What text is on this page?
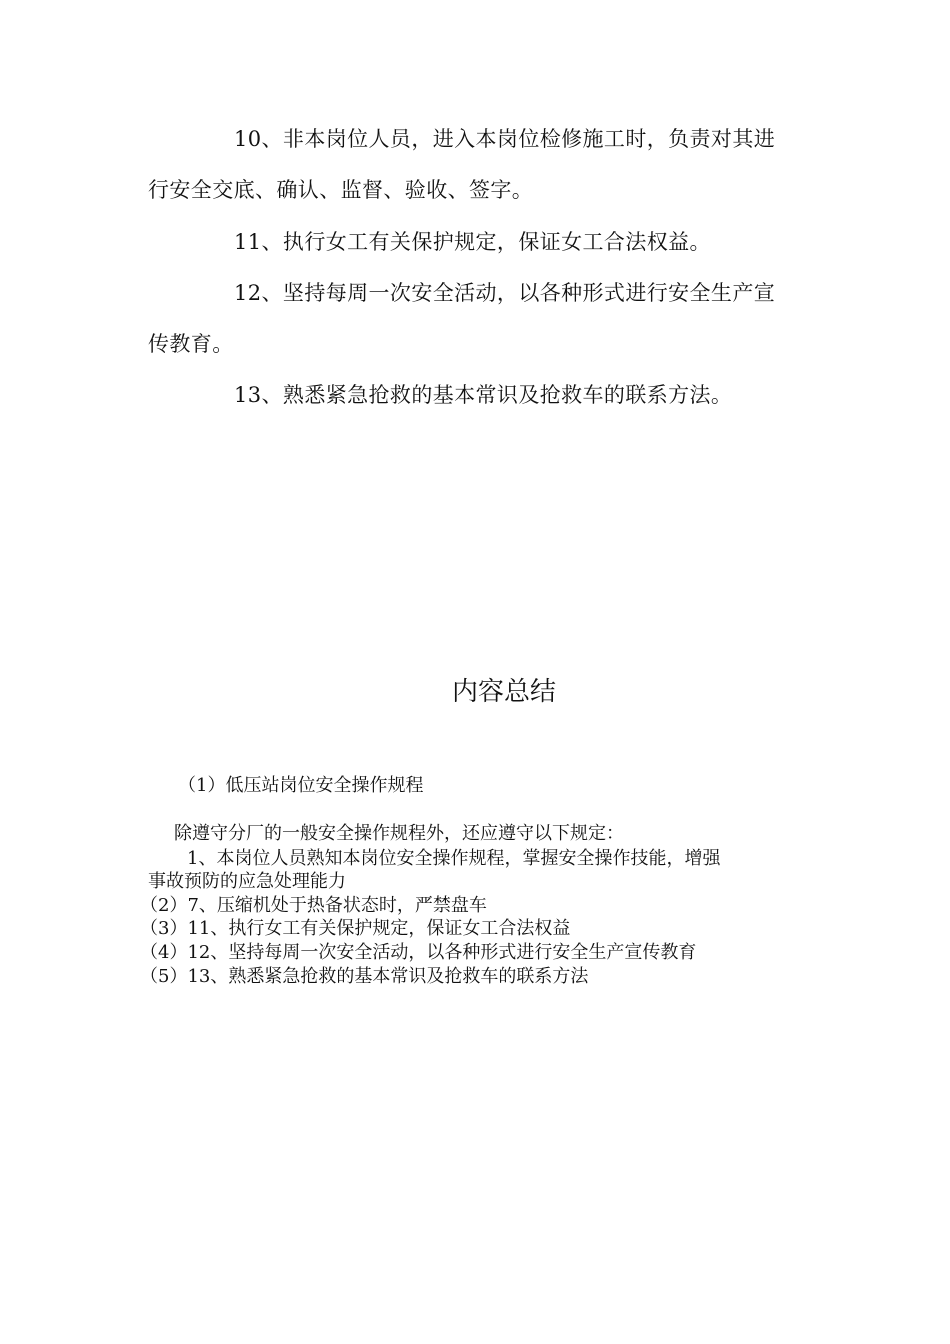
10、非本岗位人员，进入本岗位检修施工时，负责对其进
行安全交底、确认、监督、验收、签字。
11、执行女工有关保护规定，保证女工合法权益。
12、坚持每周一次安全活动，以各种形式进行安全生产宣
传教育。
13、熟悉紧急抢救的基本常识及抢救车的联系方法。
内容总结
（1）低压站岗位安全操作规程
除遵守分厂的一般安全操作规程外，还应遵守以下规定：
1、本岗位人员熟知本岗位安全操作规程，掌握安全操作技能，增强
事故预防的应急处理能力
（2）7、压缩机处于热备状态时，严禁盘车
（3）11、执行女工有关保护规定，保证女工合法权益
（4）12、坚持每周一次安全活动，以各种形式进行安全生产宣传教育
（5）13、熟悉紧急抢救的基本常识及抢救车的联系方法
